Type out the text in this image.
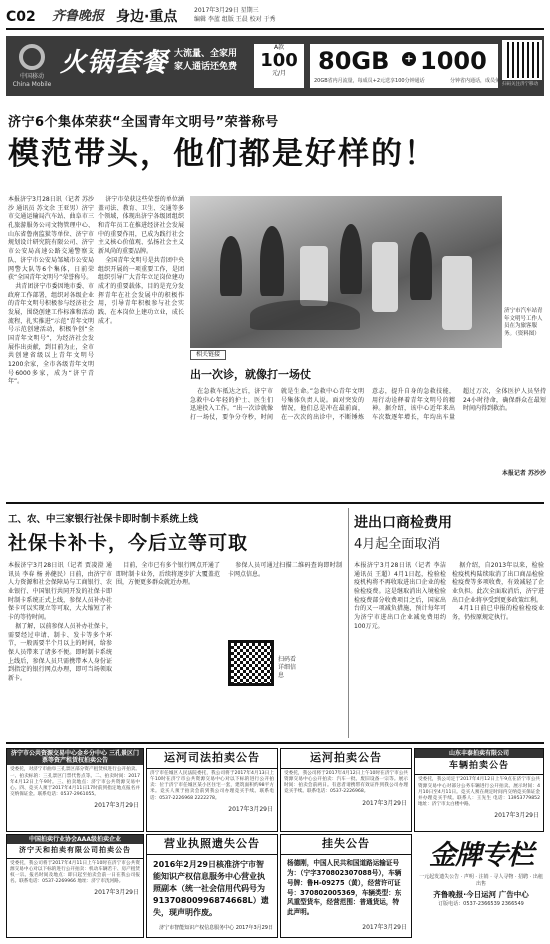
C02 齐鲁晚报 身边·重点	2017年3月29日 星期三
编辑 李蓝 组版 王晨 校对 于秀
中国移动 China Mobile
火锅套餐 大流量、全家用 家人通话还免费
A款
100
元/月	80GB + 1000
20GB省内月流量，每成员+2元送享100分钟通话	分钟省内通话，成员免费互打
扫码关注济宁移动
济宁6个集体荣获“全国青年文明号”荣誉称号
模范带头，他们都是好样的！

本报济宁3月28日讯（记者 苏沙沙 通讯员 苏文余 王亚男）济宁市交通运输局汽车站、曲阜市三孔旅游服务公司文物管理中心、山东省鲁南监狱等单位、济宁市规划设计研究院有限公司、济宁市公安局高速公路交通警察支队、济宁市公安局邹城市公安局网警大队等6个集体，日前荣获“全国青年文明号”荣誉称号。

共青团济宁市委因地市委、市政府工作部署，组织对各级企业的青年文明号积极参与经济社会发展，围绕创建工作标准和活动流程，扎实推进“示范”青年文明号示范创建活动，积极争创“全国青年文明号”，为经济社会发展作出贡献，到目前为止，全市共创建省级以上青年文明号1200余家，全市各级青年文明号6000多家，成为“济宁青年”。

济宁市荣获这些荣誉的单位涵盖司法、教育、卫生、交通等多个领域，体现出济宁各级团组织和青年员工在推进经济社会发展中的重要作用，已成为践行社会主义核心价值观、弘扬社会主义新风尚的重要品牌。

全国青年文明号是共青团中央组织开展的一项重要工作，是团组织引导广大青年立足岗位建功成才的重要载体，目的是充分发挥青年在社会发展中的积极作用，引导青年积极参与社会实践、在本岗位上建功立业，成长成才。

济宁市汽车站青年文明号工作人员在为旅客服务。（资料图）
相关链接
出一次诊，就像打一场仗

在急救车抵达之后，济宁市急救中心年轻的护士、医生们迅速投入工作。“出一次诊就像打一场仗，要争分夺秒，时间就是生命。”急救中心青年文明号集体负责人说。面对突发的情况，他们总是冲在最前面，在一次次的出诊中，不断锤炼意志，提升自身的急救技能，用行动诠释着青年文明号的精神。据介绍，该中心近年来出车次数逐年增长，年均出车量超过万次，全体医护人员坚持24小时待命，确保群众在最短时间内得到救治。

本报记者 苏沙沙
工、农、中三家银行社保卡即时制卡系统上线
社保卡补卡，今后立等可取

本报济宁3月28日讯（记者 贾凌澄 通讯员 李春 杨 孙健民）日前，由济宁市人力资源和社会保障局与工商银行、农业银行、中国银行共同开发的社保卡即时制卡系统正式上线，参保人员补办社保卡可以实现立等可取，大大缩短了补卡的等待时间。

据了解，以前参保人员补办社保卡，需要经过申请、制卡、发卡等多个环节，一般需要半个月以上的时间，给参保人员带来了诸多不便。即时制卡系统上线后，参保人员只需携带本人身份证到指定的银行网点办理，即可当场领取新卡。

目前，全市已有多个银行网点开通了即时制卡业务，后续将逐步扩大覆盖范围，方便更多群众就近办理。

参保人员可通过扫描二维码查询即时制卡网点信息。

扫码看详细信息
进出口商检费用
4月起全面取消

本报济宁3月28日讯（记者 李洁 通讯员 王超）4月1日起，检验检疫机构将不再收取进出口企业的检验检疫费。这是继取消出入境检验检疫费部分收费项目之后，国家出台的又一项减负措施，预计每年可为济宁市进出口企业减免费用约100万元。

据介绍，自2013年以来，检验检疫机构陆续取消了出口商品检验检疫费等多项收费，有效减轻了企业负担。此次全面取消后，济宁进出口企业将享受到更多政策红利。

4月1日前已申报的检验检疫业务，仍按原规定执行。

济宁市公共资源交易中心金乡分中心 三孔景区门票等资产租赁权拍卖公告
受委托，对济宁市曲阜三孔景区部分资产租赁权进行公开拍卖。一、拍卖标的：三孔景区门票代售点等。二、拍卖时间：2017年4月12日上午9时。三、拍卖地点：济宁市公共资源交易中心。四、竞买人须于2017年4月11日17时前到指定地点报名并交纳保证金。联系电话：0537-2961055。
2017年3月29日
运河司法拍卖公告
济宁市任城区人民法院委托，我公司将于2017年4月13日上午10时在济宁市公共资源交易中心对以下标的进行公开拍卖：位于济宁市任城区某小区住宅一套，建筑面积约98平方米。竞买人须于拍卖会前到我公司办理竞买手续。联系电话：0537-2226968 2222278。
2017年3月29日
运河拍卖公告
受委托，我公司将于2017年4月12日上午10时在济宁市公共资源交易中心公开拍卖：汽车一批、废旧设备一宗等。展示时间：拍卖会前两日。有意者请携带有效证件到我公司办理竞买手续。联系电话：0537-2226968。
2017年3月29日
山东丰泰拍卖有限公司
车辆拍卖公告
受委托，我公司定于2017年4月12日上午9点在济宁市公共资源交易中心对部分公务车辆进行公开拍卖。展示时间：4月10日至4月11日。竞买人须在规定时间内交纳竞买保证金并办理竞买手续。联系人：王先生 电话：13953779852 地址：济宁市太白楼中路。
2017年3月29日
中国拍卖行业协会AAA级拍卖企业
济宁天和拍卖有限公司拍卖公告
受委托，我公司将于2017年4月11日上午10时在济宁市公共资源交易中心对以下标的进行公开拍卖：机动车辆若干、房产租赁权一宗。报名时间及地点：即日起至拍卖会前一日在我公司报名。联系电话：0537-2269966 地址：济宁市洸河路。
2017年3月29日
营业执照遗失公告
2016年2月29日核准济宁市智能知识产权信息服务中心营业执照副本（统一社会信用代码号为91370800996874668L）遗失，现声明作废。
济宁市智能知识产权信息服务中心 2017年3月29日
挂失公告
杨德刚，中国人民共和国道路运输证号为：（宁字370802307088号），车辆号牌：鲁H-09275（黄），经营许可证号：370802005369，车辆类型：东风重型货车，经营范围：普通货运，特此声明。
2017年3月29日
金牌专栏
一元起发遗失公告 · 声明 · 注销 · 寻人寻物 · 招聘 · 出租出售
齐鲁晚报·今日运河 广告中心
订版电话：0537-2366539 2366549
